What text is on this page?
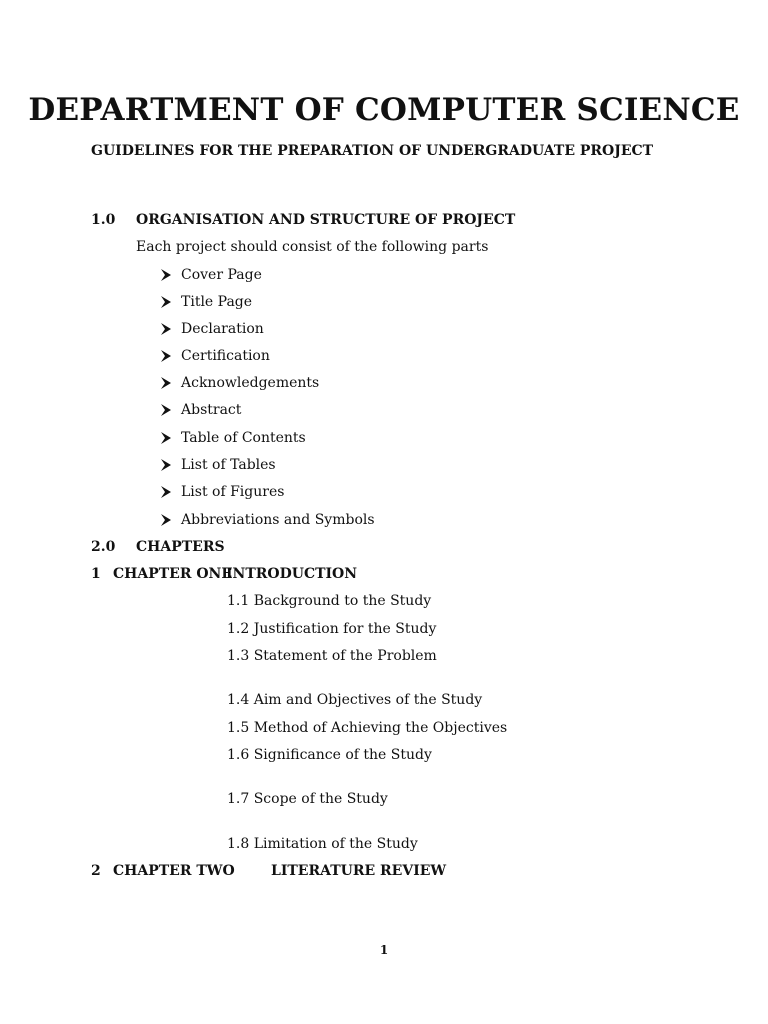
DEPARTMENT OF COMPUTER SCIENCE
GUIDELINES FOR THE PREPARATION OF UNDERGRADUATE PROJECT
1.0 ORGANISATION AND STRUCTURE OF PROJECT
Each project should consist of the following parts
Cover Page
Title Page
Declaration
Certification
Acknowledgements
Abstract
Table of Contents
List of Tables
List of Figures
Abbreviations and Symbols
2.0 CHAPTERS
1 CHAPTER ONE
INTRODUCTION
1.1 Background to the Study
1.2 Justification for the Study
1.3 Statement of the Problem
1.4 Aim and Objectives of the Study
1.5 Method of Achieving the Objectives
1.6 Significance of the Study
1.7 Scope of the Study
1.8 Limitation of the Study
2 CHAPTER TWO	LITERATURE REVIEW
1
